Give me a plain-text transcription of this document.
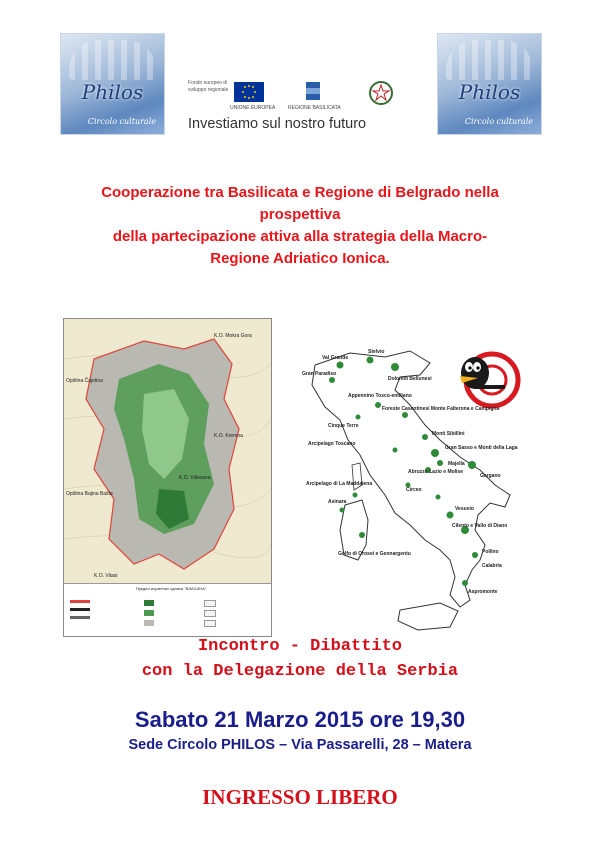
Philos
Circolo culturale
Fondo europeo di sviluppo regionale
UNIONE EUROPEA	REGIONE BASILICATA
Investiamo sul nostro futuro
Philos
Circolo culturale
Cooperazione tra Basilicata e Regione di Belgrado nella
prospettiva
della partecipazione attiva alla strategia della Macro-
Regione Adriatico Ionica.
Opština Čajetina
Opština Bajina Bašta
K.O. Mokra Gora
K.O. Kremna
K.O. Višesava
K.O. Vitasi
Предео изузетних одлика "ВЛАСИНА"
Val Grande
Gran Paradiso
Stelvio
Dolomiti Bellunesi
Appennino Tosco-emiliano
Cinque Terre
Arcipelago Toscano
Foreste Casentinesi Monte Falterona e Campigna
Monti Sibillini
Gran Sasso e Monti della Laga
Majella
Abruzzo Lazio e Molise
Circeo
Gargano
Vesuvio
Arcipelago di La Maddalena
Asinara
Cilento e Vallo di Diano
Pollino
Golfo di Orosei e Gennargentu
Calabria
Aspromonte
Incontro - Dibattito
con la Delegazione della Serbia
Sabato 21 Marzo 2015 ore 19,30
Sede Circolo PHILOS – Via Passarelli, 28 – Matera
INGRESSO LIBERO
